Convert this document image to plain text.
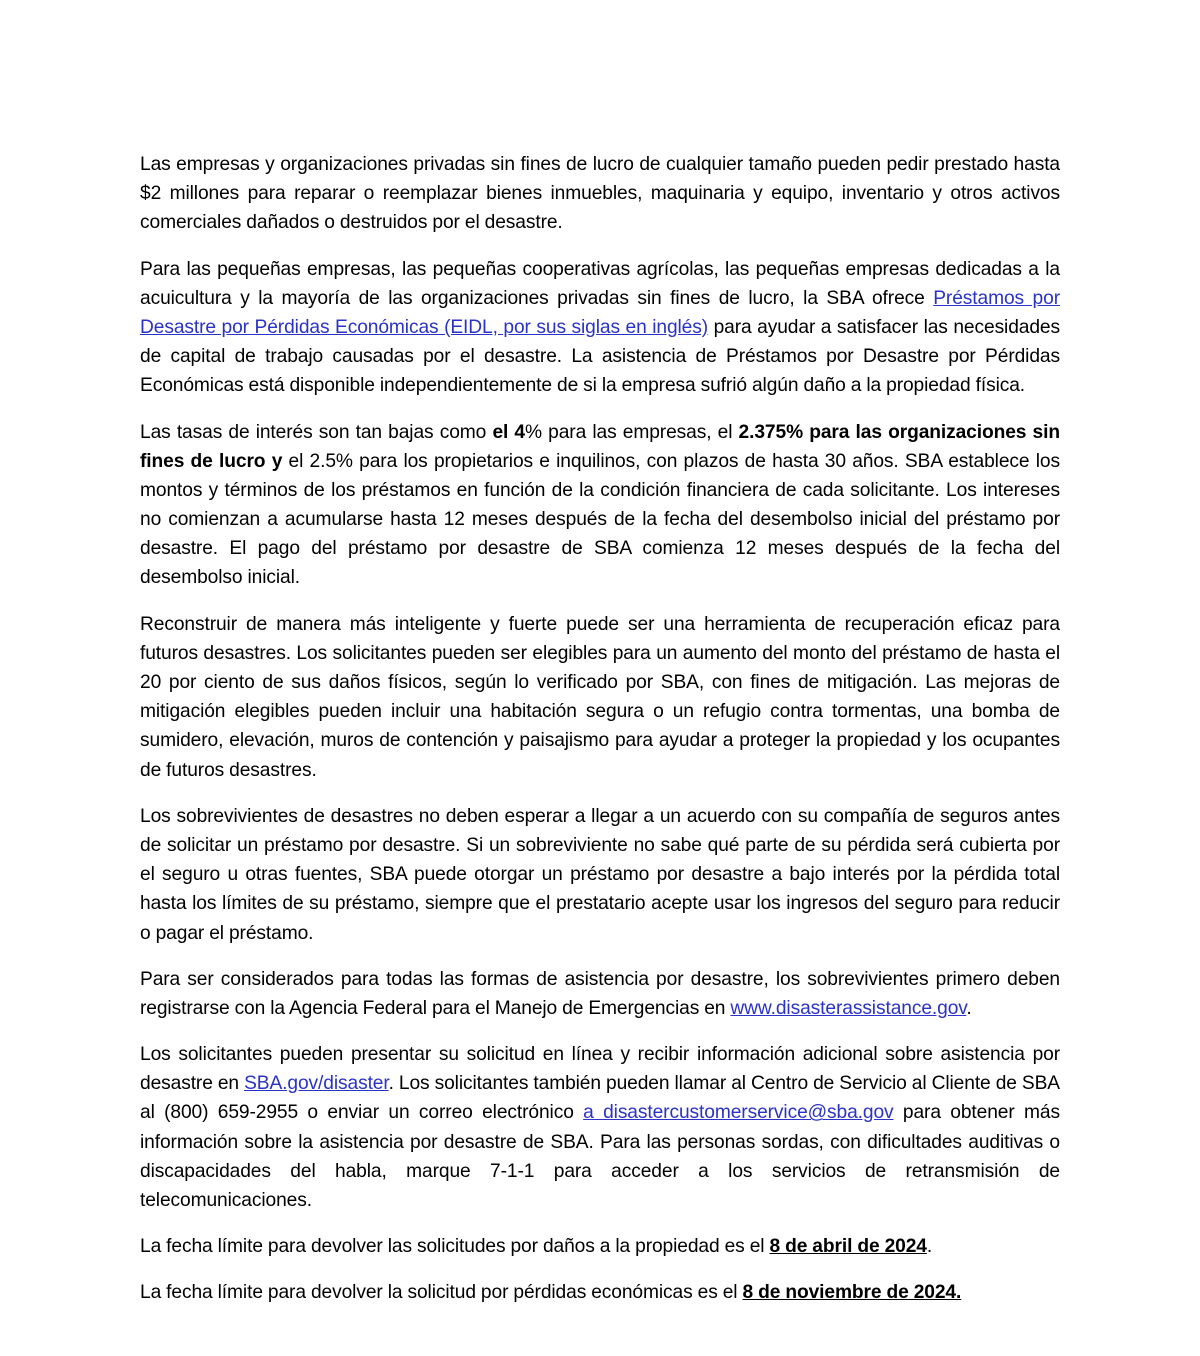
Las empresas y organizaciones privadas sin fines de lucro de cualquier tamaño pueden pedir prestado hasta $2 millones para reparar o reemplazar bienes inmuebles, maquinaria y equipo, inventario y otros activos comerciales dañados o destruidos por el desastre.

Para las pequeñas empresas, las pequeñas cooperativas agrícolas, las pequeñas empresas dedicadas a la acuicultura y la mayoría de las organizaciones privadas sin fines de lucro, la SBA ofrece Préstamos por Desastre por Pérdidas Económicas (EIDL, por sus siglas en inglés) para ayudar a satisfacer las necesidades de capital de trabajo causadas por el desastre. La asistencia de Préstamos por Desastre por Pérdidas Económicas está disponible independientemente de si la empresa sufrió algún daño a la propiedad física.

Las tasas de interés son tan bajas como el 4% para las empresas, el 2.375% para las organizaciones sin fines de lucro y el 2.5% para los propietarios e inquilinos, con plazos de hasta 30 años. SBA establece los montos y términos de los préstamos en función de la condición financiera de cada solicitante. Los intereses no comienzan a acumularse hasta 12 meses después de la fecha del desembolso inicial del préstamo por desastre. El pago del préstamo por desastre de SBA comienza 12 meses después de la fecha del desembolso inicial.

Reconstruir de manera más inteligente y fuerte puede ser una herramienta de recuperación eficaz para futuros desastres. Los solicitantes pueden ser elegibles para un aumento del monto del préstamo de hasta el 20 por ciento de sus daños físicos, según lo verificado por SBA, con fines de mitigación. Las mejoras de mitigación elegibles pueden incluir una habitación segura o un refugio contra tormentas, una bomba de sumidero, elevación, muros de contención y paisajismo para ayudar a proteger la propiedad y los ocupantes de futuros desastres.

Los sobrevivientes de desastres no deben esperar a llegar a un acuerdo con su compañía de seguros antes de solicitar un préstamo por desastre. Si un sobreviviente no sabe qué parte de su pérdida será cubierta por el seguro u otras fuentes, SBA puede otorgar un préstamo por desastre a bajo interés por la pérdida total hasta los límites de su préstamo, siempre que el prestatario acepte usar los ingresos del seguro para reducir o pagar el préstamo.

Para ser considerados para todas las formas de asistencia por desastre, los sobrevivientes primero deben registrarse con la Agencia Federal para el Manejo de Emergencias en www.disasterassistance.gov.

Los solicitantes pueden presentar su solicitud en línea y recibir información adicional sobre asistencia por desastre en SBA.gov/disaster. Los solicitantes también pueden llamar al Centro de Servicio al Cliente de SBA al (800) 659-2955 o enviar un correo electrónico a disastercustomerservice@sba.gov para obtener más información sobre la asistencia por desastre de SBA. Para las personas sordas, con dificultades auditivas o discapacidades del habla, marque 7-1-1 para acceder a los servicios de retransmisión de telecomunicaciones.

La fecha límite para devolver las solicitudes por daños a la propiedad es el 8 de abril de 2024.

La fecha límite para devolver la solicitud por pérdidas económicas es el 8 de noviembre de 2024.
